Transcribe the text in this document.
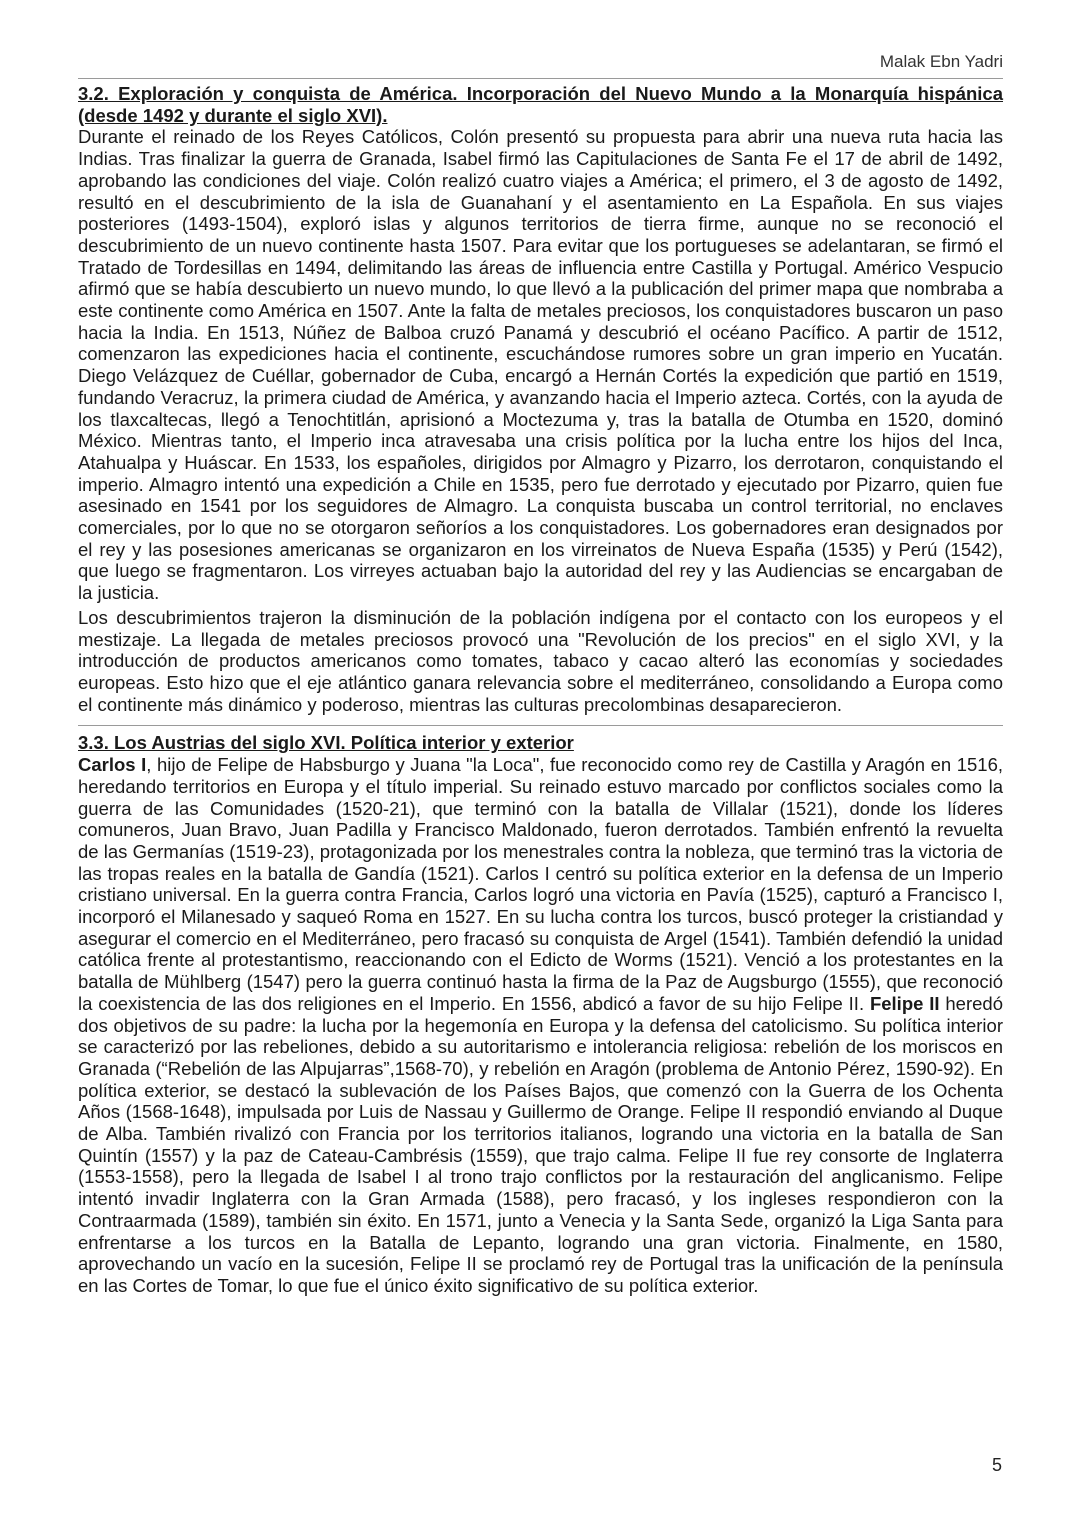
Malak Ebn Yadri
3.2. Exploración y conquista de América. Incorporación del Nuevo Mundo a la Monarquía hispánica (desde 1492 y durante el siglo XVI).

Durante el reinado de los Reyes Católicos, Colón presentó su propuesta para abrir una nueva ruta hacia las Indias. Tras finalizar la guerra de Granada, Isabel firmó las Capitulaciones de Santa Fe el 17 de abril de 1492, aprobando las condiciones del viaje. Colón realizó cuatro viajes a América; el primero, el 3 de agosto de 1492, resultó en el descubrimiento de la isla de Guanahaní y el asentamiento en La Española. En sus viajes posteriores (1493-1504), exploró islas y algunos territorios de tierra firme, aunque no se reconoció el descubrimiento de un nuevo continente hasta 1507. Para evitar que los portugueses se adelantaran, se firmó el Tratado de Tordesillas en 1494, delimitando las áreas de influencia entre Castilla y Portugal. Américo Vespucio afirmó que se había descubierto un nuevo mundo, lo que llevó a la publicación del primer mapa que nombraba a este continente como América en 1507. Ante la falta de metales preciosos, los conquistadores buscaron un paso hacia la India. En 1513, Núñez de Balboa cruzó Panamá y descubrió el océano Pacífico. A partir de 1512, comenzaron las expediciones hacia el continente, escuchándose rumores sobre un gran imperio en Yucatán. Diego Velázquez de Cuéllar, gobernador de Cuba, encargó a Hernán Cortés la expedición que partió en 1519, fundando Veracruz, la primera ciudad de América, y avanzando hacia el Imperio azteca. Cortés, con la ayuda de los tlaxcaltecas, llegó a Tenochtitlán, aprisionó a Moctezuma y, tras la batalla de Otumba en 1520, dominó México. Mientras tanto, el Imperio inca atravesaba una crisis política por la lucha entre los hijos del Inca, Atahualpa y Huáscar. En 1533, los españoles, dirigidos por Almagro y Pizarro, los derrotaron, conquistando el imperio. Almagro intentó una expedición a Chile en 1535, pero fue derrotado y ejecutado por Pizarro, quien fue asesinado en 1541 por los seguidores de Almagro. La conquista buscaba un control territorial, no enclaves comerciales, por lo que no se otorgaron señoríos a los conquistadores. Los gobernadores eran designados por el rey y las posesiones americanas se organizaron en los virreinatos de Nueva España (1535) y Perú (1542), que luego se fragmentaron. Los virreyes actuaban bajo la autoridad del rey y las Audiencias se encargaban de la justicia.

Los descubrimientos trajeron la disminución de la población indígena por el contacto con los europeos y el mestizaje. La llegada de metales preciosos provocó una "Revolución de los precios" en el siglo XVI, y la introducción de productos americanos como tomates, tabaco y cacao alteró las economías y sociedades europeas. Esto hizo que el eje atlántico ganara relevancia sobre el mediterráneo, consolidando a Europa como el continente más dinámico y poderoso, mientras las culturas precolombinas desaparecieron.

3.3. Los Austrias del siglo XVI. Política interior y exterior

Carlos I, hijo de Felipe de Habsburgo y Juana "la Loca", fue reconocido como rey de Castilla y Aragón en 1516, heredando territorios en Europa y el título imperial. Su reinado estuvo marcado por conflictos sociales como la guerra de las Comunidades (1520-21), que terminó con la batalla de Villalar (1521), donde los líderes comuneros, Juan Bravo, Juan Padilla y Francisco Maldonado, fueron derrotados. También enfrentó la revuelta de las Germanías (1519-23), protagonizada por los menestrales contra la nobleza, que terminó tras la victoria de las tropas reales en la batalla de Gandía (1521). Carlos I centró su política exterior en la defensa de un Imperio cristiano universal. En la guerra contra Francia, Carlos logró una victoria en Pavía (1525), capturó a Francisco I, incorporó el Milanesado y saqueó Roma en 1527. En su lucha contra los turcos, buscó proteger la cristiandad y asegurar el comercio en el Mediterráneo, pero fracasó su conquista de Argel (1541). También defendió la unidad católica frente al protestantismo, reaccionando con el Edicto de Worms (1521). Venció a los protestantes en la batalla de Mühlberg (1547) pero la guerra continuó hasta la firma de la Paz de Augsburgo (1555), que reconoció la coexistencia de las dos religiones en el Imperio. En 1556, abdicó a favor de su hijo Felipe II. Felipe II heredó dos objetivos de su padre: la lucha por la hegemonía en Europa y la defensa del catolicismo. Su política interior se caracterizó por las rebeliones, debido a su autoritarismo e intolerancia religiosa: rebelión de los moriscos en Granada (“Rebelión de las Alpujarras”,1568-70), y rebelión en Aragón (problema de Antonio Pérez, 1590-92). En política exterior, se destacó la sublevación de los Países Bajos, que comenzó con la Guerra de los Ochenta Años (1568-1648), impulsada por Luis de Nassau y Guillermo de Orange. Felipe II respondió enviando al Duque de Alba. También rivalizó con Francia por los territorios italianos, logrando una victoria en la batalla de San Quintín (1557) y la paz de Cateau-Cambrésis (1559), que trajo calma. Felipe II fue rey consorte de Inglaterra (1553-1558), pero la llegada de Isabel I al trono trajo conflictos por la restauración del anglicanismo. Felipe intentó invadir Inglaterra con la Gran Armada (1588), pero fracasó, y los ingleses respondieron con la Contraarmada (1589), también sin éxito. En 1571, junto a Venecia y la Santa Sede, organizó la Liga Santa para enfrentarse a los turcos en la Batalla de Lepanto, logrando una gran victoria. Finalmente, en 1580, aprovechando un vacío en la sucesión, Felipe II se proclamó rey de Portugal tras la unificación de la península en las Cortes de Tomar, lo que fue el único éxito significativo de su política exterior.

5
